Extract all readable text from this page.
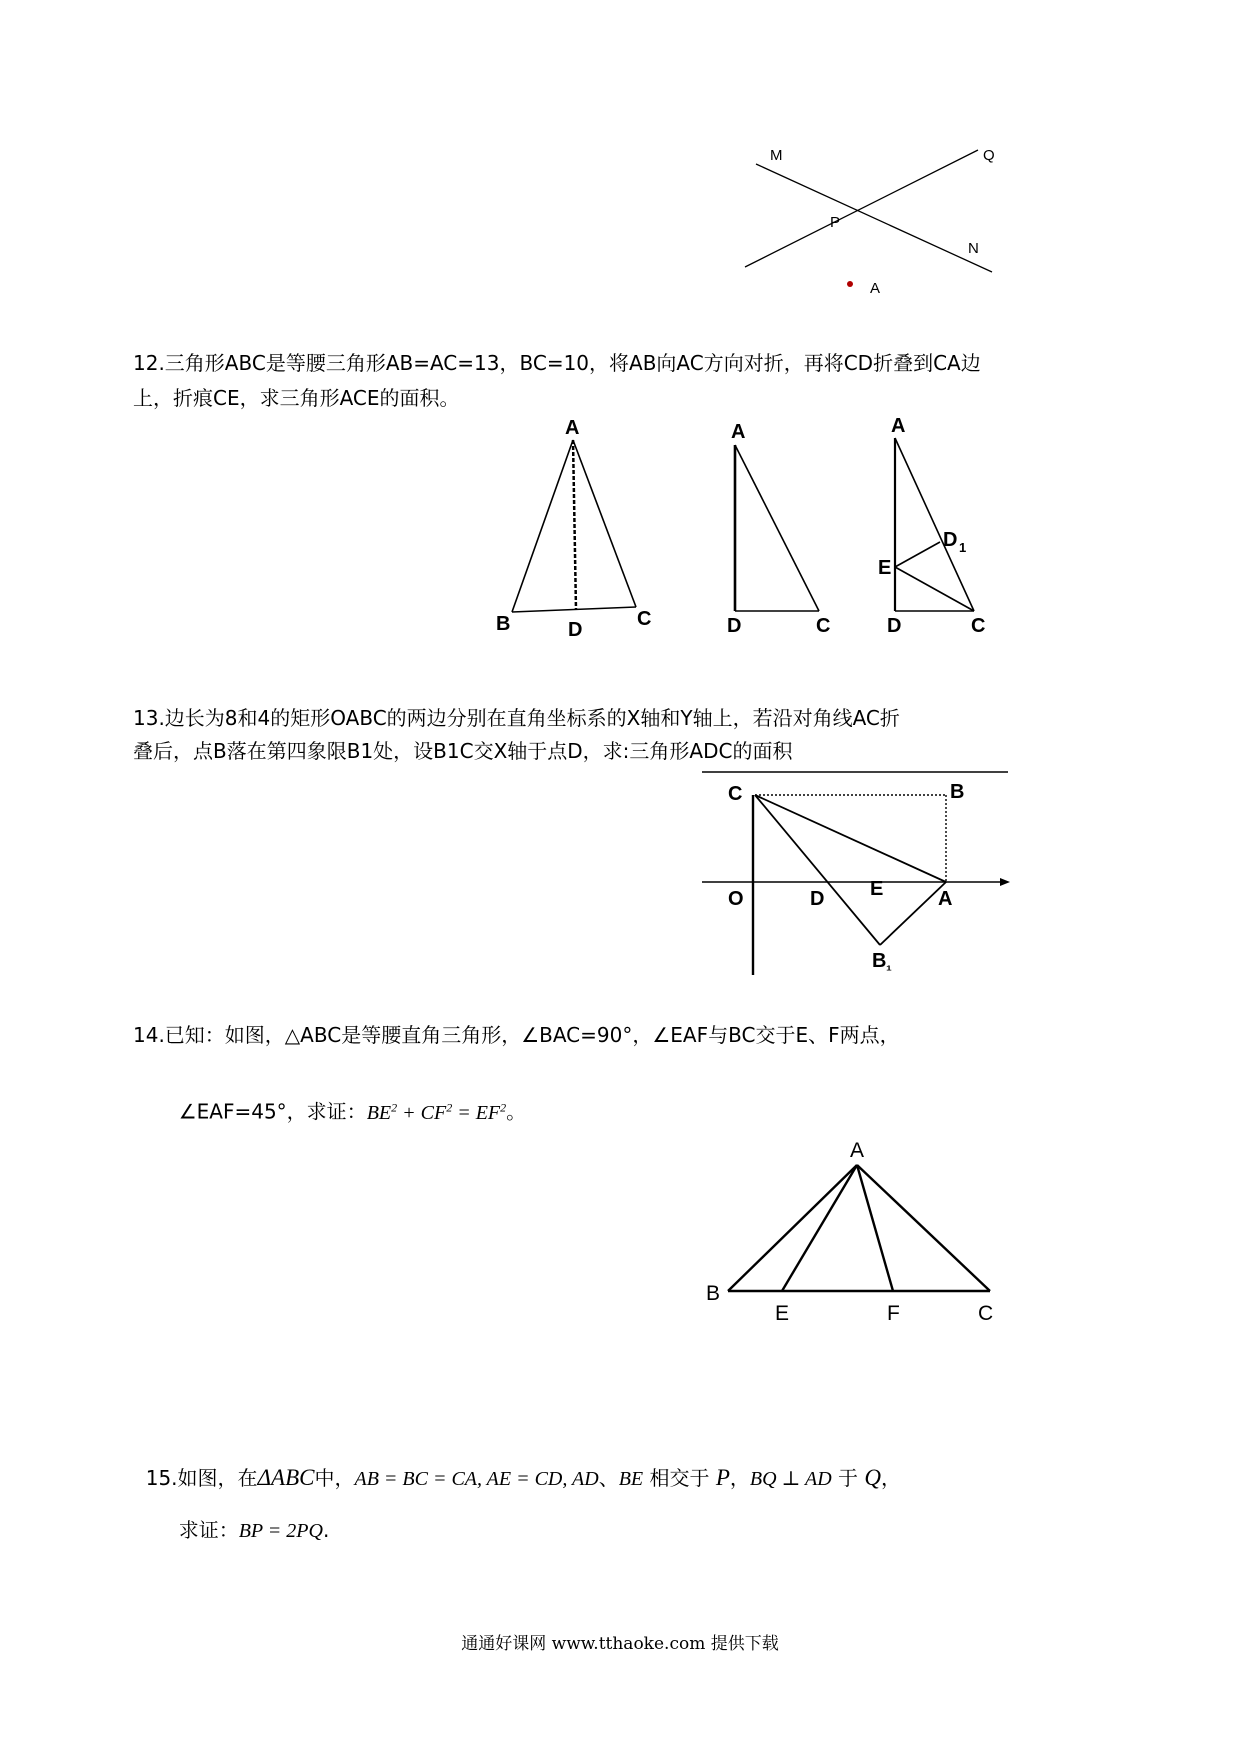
M	Q
P
N
A
12.三角形ABC是等腰三角形AB=AC=13，BC=10，将AB向AC方向对折，再将CD折叠到CA边
上，折痕CE，求三角形ACE的面积。
A
B	D	C
A
D	C
A
E
D 1
D	C
13.边长为8和4的矩形OABC的两边分别在直角坐标系的X轴和Y轴上，若沿对角线AC折
叠后，点B落在第四象限B1处，设B1C交X轴于点D，求:三角形ADC的面积
C	B
O	D E	A
B ₁
14.已知：如图，△ABC是等腰直角三角形，∠BAC=90°，∠EAF与BC交于E、F两点，

∠EAF=45°，求证：$BE^2 + CF^2 = EF^2$。

A
B
E	F	C

15.如图，在ΔABC中，AB = BC = CA, AE = CD, AD、BE 相交于 P，BQ ⊥ AD 于 Q，

求证：BP = 2PQ.

通通好课网 www.tthaoke.com 提供下载
